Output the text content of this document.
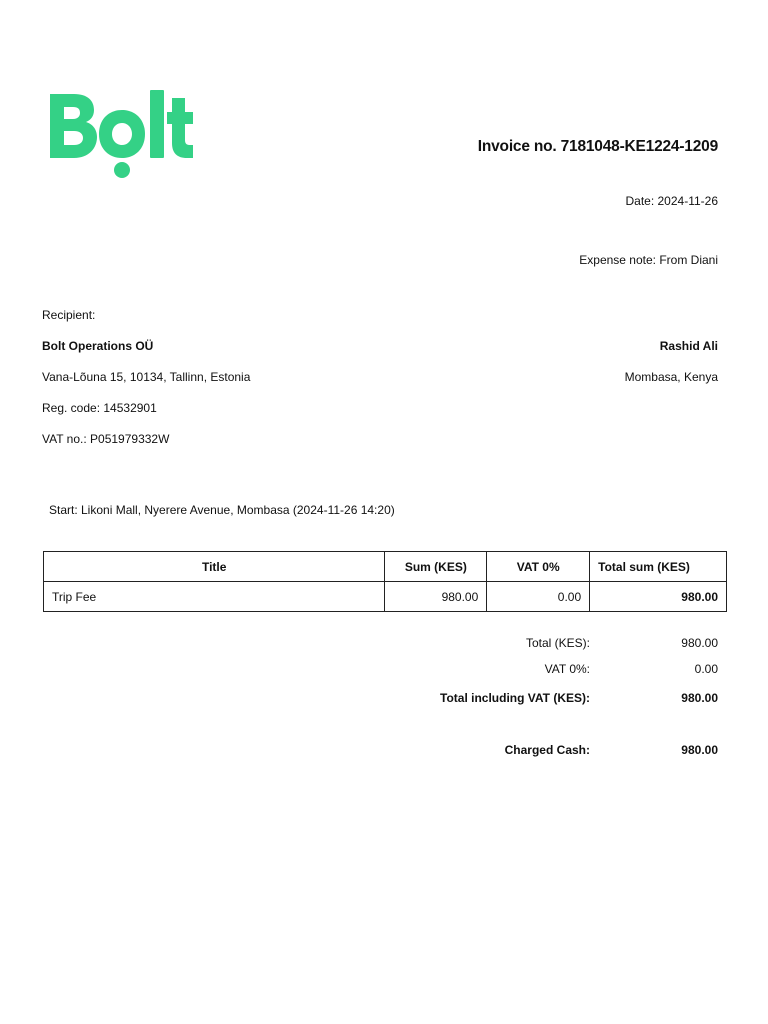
Invoice no. 7181048-KE1224-1209
Date: 2024-11-26
Expense note: From Diani
Recipient:
Bolt Operations OÜ
Vana-Lõuna 15, 10134, Tallinn, Estonia
Reg. code: 14532901
VAT no.: P051979332W
Rashid Ali
Mombasa, Kenya
Start: Likoni Mall, Nyerere Avenue, Mombasa (2024-11-26 14:20)
Title	Sum (KES)	VAT 0%	Total sum (KES)
Trip Fee	980.00	0.00	980.00
Total (KES):	980.00
VAT 0%:	0.00
Total including VAT (KES):	980.00
Charged Cash:	980.00
